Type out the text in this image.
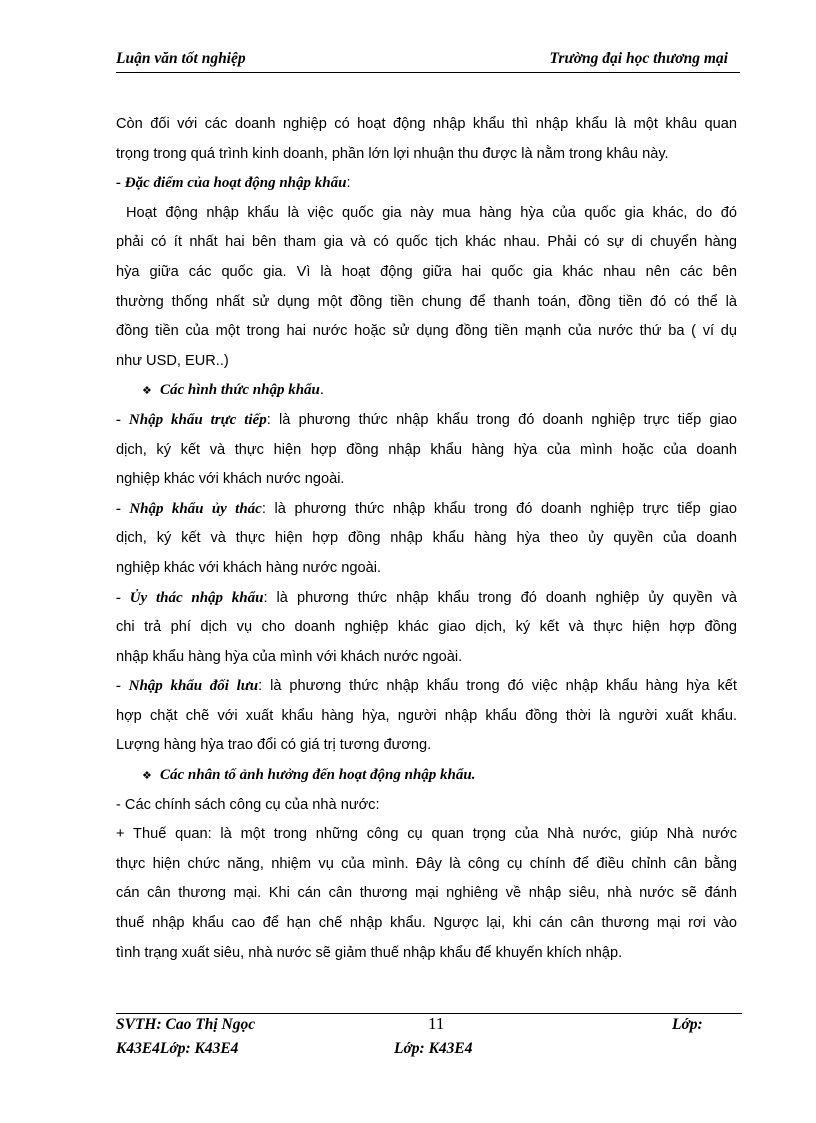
Luận văn tốt nghiệp	Trường đại học thương mại
Còn đối với các doanh nghiệp có hoạt động nhập khẩu thì nhập khẩu là một khâu quan
trọng trong quá trình kinh doanh, phần lớn lợi nhuận thu được là nằm trong khâu này.
- Đặc điểm của hoạt động nhập khẩu:
Hoạt động nhập khẩu là việc quốc gia này mua hàng hỳa của quốc gia khác, do đó
phải có ít nhất hai bên tham gia và có quốc tịch khác nhau. Phải có sự di chuyển hàng
hỳa giữa các quốc gia. Vì là hoạt động giữa hai quốc gia khác nhau nên các bên
thường thống nhất sử dụng một đồng tiền chung để thanh toán, đồng tiền đó có thể là
đồng tiền của một trong hai nước hoặc sử dụng đồng tiền mạnh của nước thứ ba ( ví dụ
như USD, EUR..)
❖ Các hình thức nhập khẩu.
- Nhập khẩu trực tiếp: là phương thức nhập khẩu trong đó doanh nghiệp trực tiếp giao
dịch, ký kết và thực hiện hợp đồng nhập khẩu hàng hỳa của mình hoặc của doanh
nghiệp khác với khách nước ngoài.
- Nhập khẩu ủy thác: là phương thức nhập khẩu trong đó doanh nghiệp trực tiếp giao
dịch, ký kết và thực hiện hợp đồng nhập khẩu hàng hỳa theo ủy quyền của doanh
nghiệp khác với khách hàng nước ngoài.
- Ủy thác nhập khẩu: là phương thức nhập khẩu trong đó doanh nghiệp ủy quyền và
chi trả phí dịch vụ cho doanh nghiệp khác giao dịch, ký kết và thực hiện hợp đồng
nhập khẩu hàng hỳa của mình với khách nước ngoài.
- Nhập khẩu đối lưu: là phương thức nhập khẩu trong đó việc nhập khẩu hàng hỳa kết
hợp chặt chẽ với xuất khẩu hàng hỳa, người nhập khẩu đồng thời là người xuất khẩu.
Lượng hàng hỳa trao đổi có giá trị tương đương.
❖ Các nhân tố ảnh hưởng đến hoạt động nhập khẩu.
- Các chính sách công cụ của nhà nước:
+ Thuế quan: là một trong những công cụ quan trọng của Nhà nước, giúp Nhà nước
thực hiện chức năng, nhiệm vụ của mình. Đây là công cụ chính để điều chỉnh cân bằng
cán cân thương mại. Khi cán cân thương mại nghiêng về nhập siêu, nhà nước sẽ đánh
thuế nhập khẩu cao để hạn chế nhập khẩu. Ngược lại, khi cán cân thương mại rơi vào
tình trạng xuất siêu, nhà nước sẽ giảm thuế nhập khẩu để khuyến khích nhập.
SVTH: Cao Thị Ngọc	11	Lớp:
K43E4Lớp: K43E4	Lớp: K43E4
